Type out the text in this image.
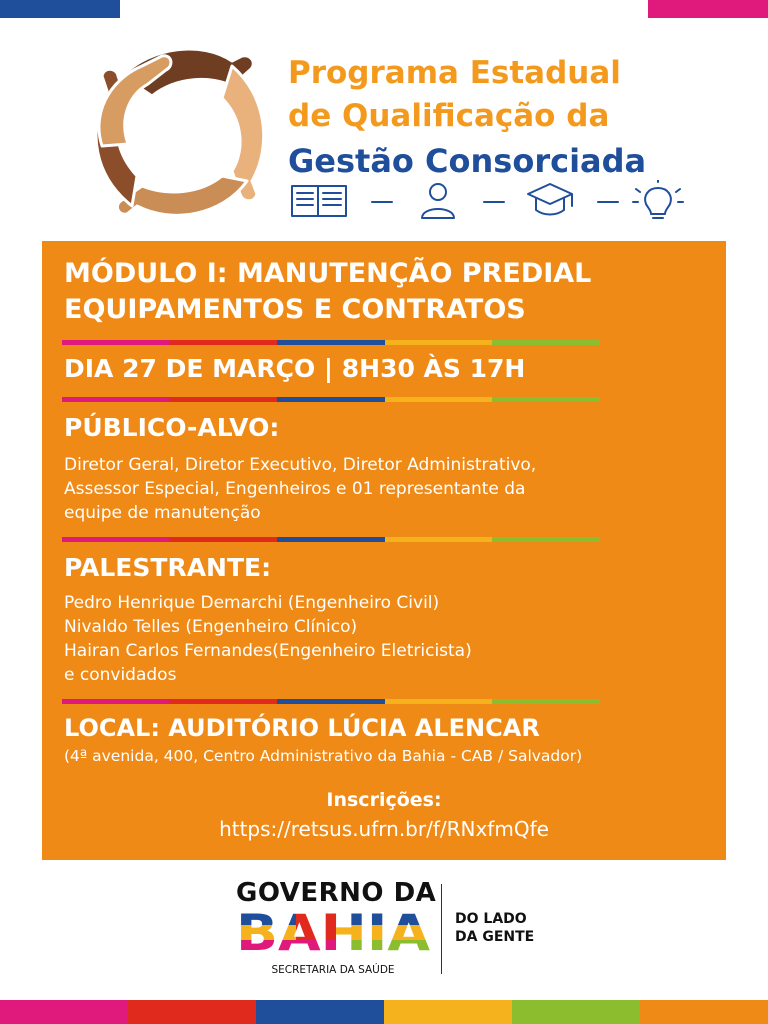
Programa Estadual
de Qualificação da
Gestão Consorciada
MÓDULO I: MANUTENÇÃO PREDIAL
EQUIPAMENTOS E CONTRATOS
DIA 27 DE MARÇO | 8H30 ÀS 17H
PÚBLICO-ALVO:
Diretor Geral, Diretor Executivo, Diretor Administrativo,
Assessor Especial, Engenheiros e 01 representante da
equipe de manutenção
PALESTRANTE:
Pedro Henrique Demarchi (Engenheiro Civil)
Nivaldo Telles (Engenheiro Clínico)
Hairan Carlos Fernandes(Engenheiro Eletricista)
e convidados
LOCAL: AUDITÓRIO LÚCIA ALENCAR
(4ª avenida, 400, Centro Administrativo da Bahia - CAB / Salvador)
Inscrições:
https://retsus.ufrn.br/f/RNxfmQfe
GOVERNO DA
SECRETARIA DA SAÚDE
DO LADO
DA GENTE
